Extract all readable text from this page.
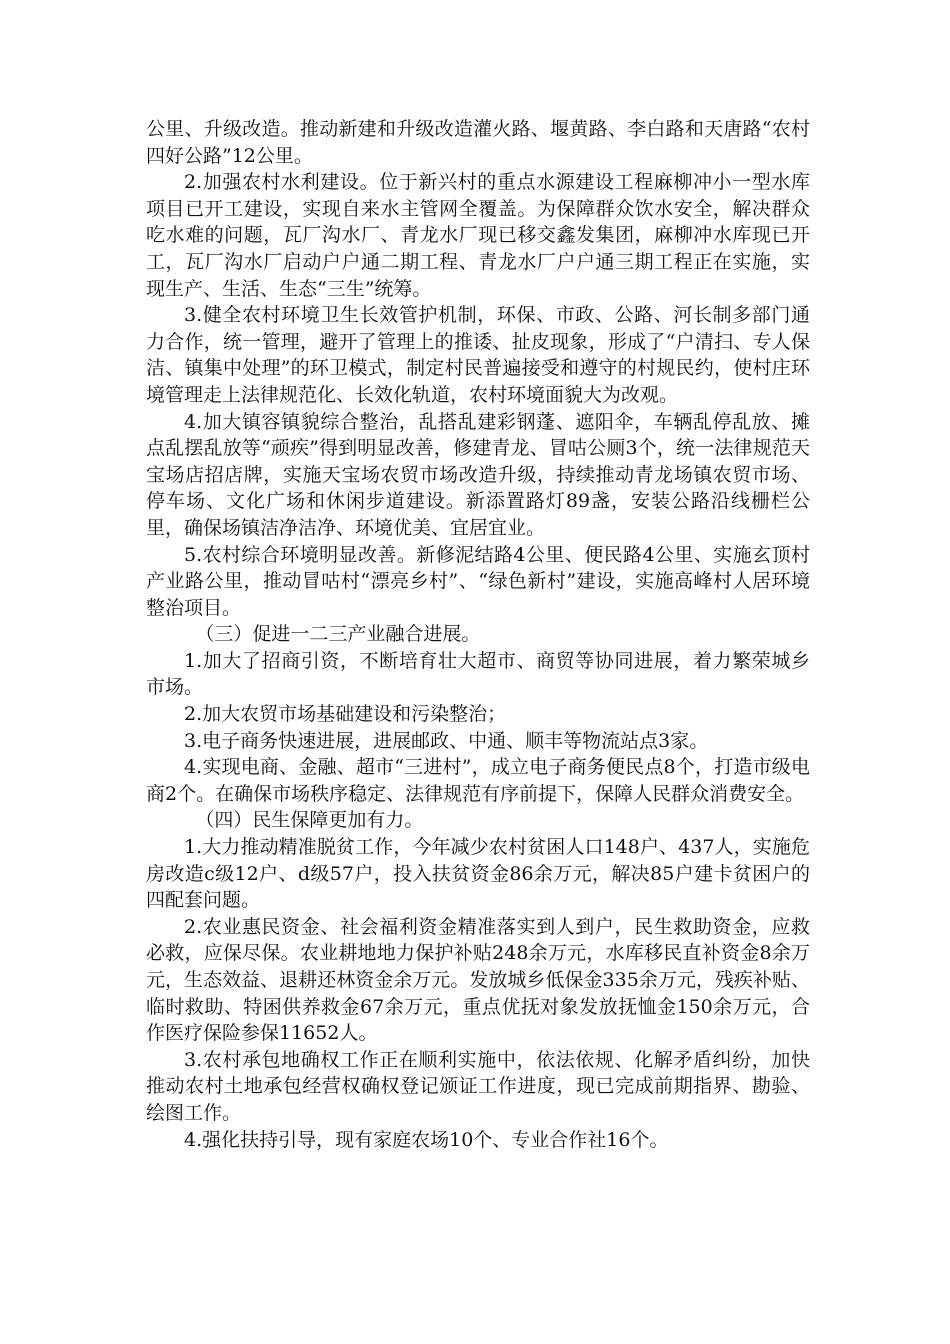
公里、升级改造。推动新建和升级改造灌火路、堰黄路、李白路和天唐路“农村四好公路”12公里。

2.加强农村水利建设。位于新兴村的重点水源建设工程麻柳冲小一型水库项目已开工建设，实现自来水主管网全覆盖。为保障群众饮水安全，解决群众吃水难的问题，瓦厂沟水厂、青龙水厂现已移交鑫发集团，麻柳冲水库现已开工，瓦厂沟水厂启动户户通二期工程、青龙水厂户户通三期工程正在实施，实现生产、生活、生态“三生”统筹。

3.健全农村环境卫生长效管护机制，环保、市政、公路、河长制多部门通力合作，统一管理，避开了管理上的推诿、扯皮现象，形成了“户清扫、专人保洁、镇集中处理”的环卫模式，制定村民普遍接受和遵守的村规民约，使村庄环境管理走上法律规范化、长效化轨道，农村环境面貌大为改观。

4.加大镇容镇貌综合整治，乱搭乱建彩钢蓬、遮阳伞，车辆乱停乱放、摊点乱摆乱放等“顽疾”得到明显改善，修建青龙、冒咕公厕3个，统一法律规范天宝场店招店牌，实施天宝场农贸市场改造升级，持续推动青龙场镇农贸市场、停车场、文化广场和休闲步道建设。新添置路灯89盏，安装公路沿线栅栏公里，确保场镇洁净洁净、环境优美、宜居宜业。

5.农村综合环境明显改善。新修泥结路4公里、便民路4公里、实施玄顶村产业路公里，推动冒咕村“漂亮乡村”、“绿色新村”建设，实施高峰村人居环境整治项目。

（三）促进一二三产业融合进展。

1.加大了招商引资，不断培育壮大超市、商贸等协同进展，着力繁荣城乡市场。

2.加大农贸市场基础建设和污染整治；

3.电子商务快速进展，进展邮政、中通、顺丰等物流站点3家。

4.实现电商、金融、超市“三进村”，成立电子商务便民点8个，打造市级电商2个。在确保市场秩序稳定、法律规范有序前提下，保障人民群众消费安全。

（四）民生保障更加有力。

1.大力推动精准脱贫工作，今年减少农村贫困人口148户、437人，实施危房改造c级12户、d级57户，投入扶贫资金86余万元，解决85户建卡贫困户的四配套问题。

2.农业惠民资金、社会福利资金精准落实到人到户，民生救助资金，应救必救，应保尽保。农业耕地地力保护补贴248余万元，水库移民直补资金8余万元，生态效益、退耕还林资金余万元。发放城乡低保金335余万元，残疾补贴、临时救助、特困供养救金67余万元，重点优抚对象发放抚恤金150余万元，合作医疗保险参保11652人。

3.农村承包地确权工作正在顺利实施中，依法依规、化解矛盾纠纷，加快推动农村土地承包经营权确权登记颁证工作进度，现已完成前期指界、勘验、绘图工作。

4.强化扶持引导，现有家庭农场10个、专业合作社16个。
